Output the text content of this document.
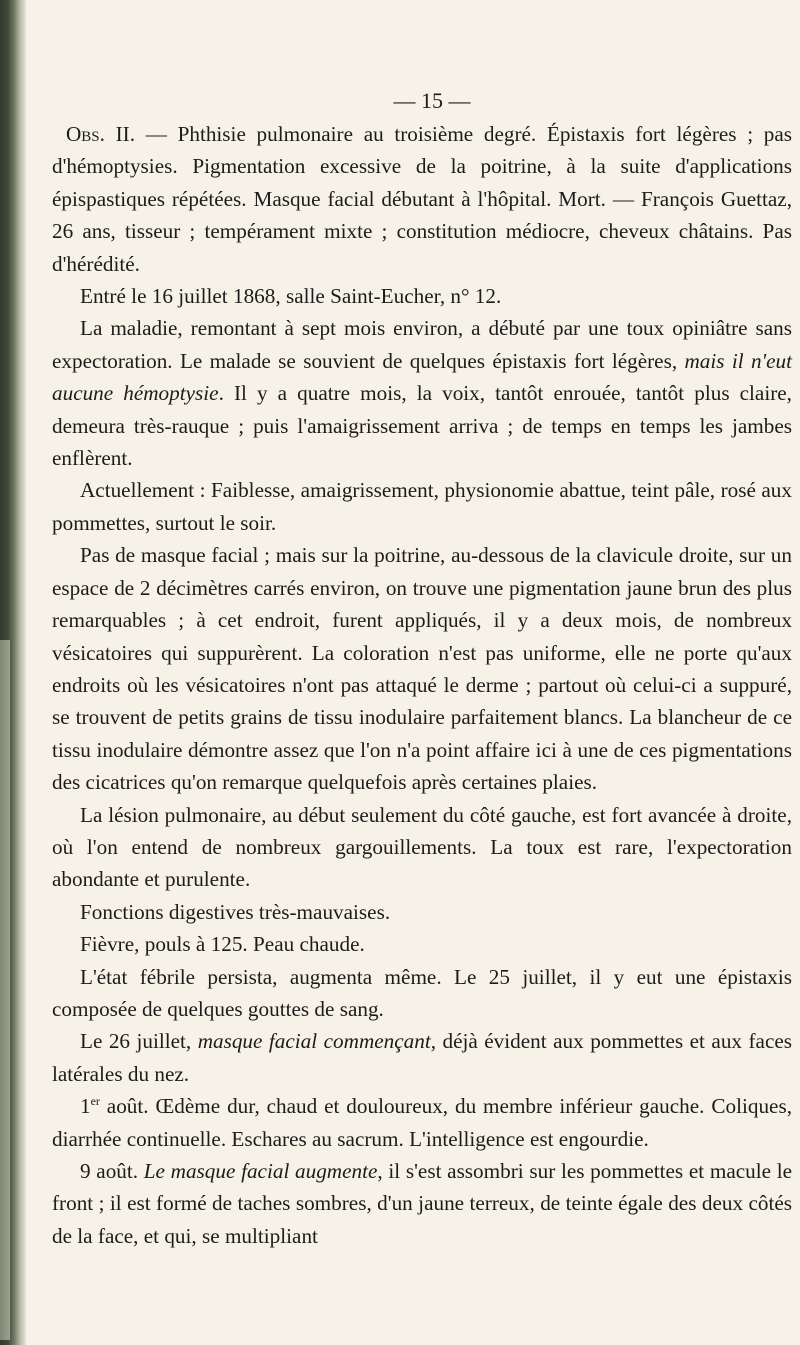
— 15 —

Obs. II. — Phthisie pulmonaire au troisième degré. Épistaxis fort légères ; pas d'hémoptysies. Pigmentation excessive de la poitrine, à la suite d'applications épispastiques répétées. Masque facial débutant à l'hôpital. Mort. — François Guettaz, 26 ans, tisseur ; tempérament mixte ; constitution médiocre, cheveux châtains. Pas d'hérédité.

Entré le 16 juillet 1868, salle Saint-Eucher, n° 12.

La maladie, remontant à sept mois environ, a débuté par une toux opiniâtre sans expectoration. Le malade se souvient de quelques épistaxis fort légères, mais il n'eut aucune hémoptysie. Il y a quatre mois, la voix, tantôt enrouée, tantôt plus claire, demeura très-rauque ; puis l'amaigrissement arriva ; de temps en temps les jambes enflèrent.

Actuellement : Faiblesse, amaigrissement, physionomie abattue, teint pâle, rosé aux pommettes, surtout le soir.

Pas de masque facial ; mais sur la poitrine, au-dessous de la clavicule droite, sur un espace de 2 décimètres carrés environ, on trouve une pigmentation jaune brun des plus remarquables ; à cet endroit, furent appliqués, il y a deux mois, de nombreux vésicatoires qui suppurèrent. La coloration n'est pas uniforme, elle ne porte qu'aux endroits où les vésicatoires n'ont pas attaqué le derme ; partout où celui-ci a suppuré, se trouvent de petits grains de tissu inodulaire parfaitement blancs. La blancheur de ce tissu inodulaire démontre assez que l'on n'a point affaire ici à une de ces pigmentations des cicatrices qu'on remarque quelquefois après certaines plaies.

La lésion pulmonaire, au début seulement du côté gauche, est fort avancée à droite, où l'on entend de nombreux gargouillements. La toux est rare, l'expectoration abondante et purulente.

Fonctions digestives très-mauvaises.

Fièvre, pouls à 125. Peau chaude.

L'état fébrile persista, augmenta même. Le 25 juillet, il y eut une épistaxis composée de quelques gouttes de sang.

Le 26 juillet, masque facial commençant, déjà évident aux pommettes et aux faces latérales du nez.

1er août. Œdème dur, chaud et douloureux, du membre inférieur gauche. Coliques, diarrhée continuelle. Eschares au sacrum. L'intelligence est engourdie.

9 août. Le masque facial augmente, il s'est assombri sur les pommettes et macule le front ; il est formé de taches sombres, d'un jaune terreux, de teinte égale des deux côtés de la face, et qui, se multipliant
